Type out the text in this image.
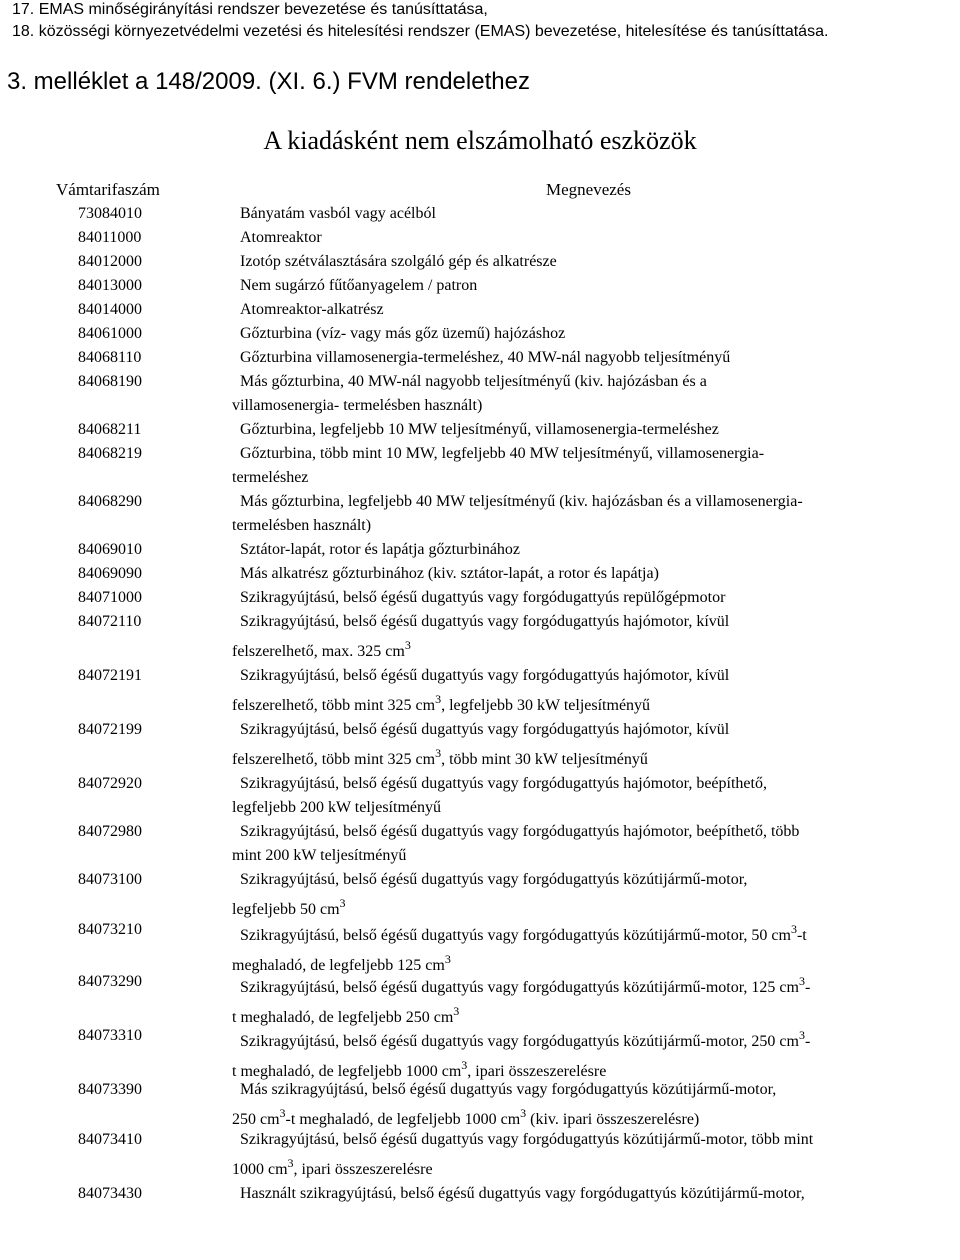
17. EMAS minőségirányítási rendszer bevezetése és tanúsíttatása,
18. közösségi környezetvédelmi vezetési és hitelesítési rendszer (EMAS) bevezetése, hitelesítése és tanúsíttatása.
3. melléklet a 148/2009. (XI. 6.) FVM rendelethez
A kiadásként nem elszámolható eszközök
Vámtarifaszám	Megnevezés
73084010	Bányatám vasból vagy acélból
84011000	Atomreaktor
84012000	Izotóp szétválasztására szolgáló gép és alkatrésze
84013000	Nem sugárzó fűtőanyagelem / patron
84014000	Atomreaktor-alkatrész
84061000	Gőzturbina (víz- vagy más gőz üzemű) hajózáshoz
84068110	Gőzturbina villamosenergia-termeléshez, 40 MW-nál nagyobb teljesítményű
84068190	Más gőzturbina, 40 MW-nál nagyobb teljesítményű (kiv. hajózásban és a
villamosenergia- termelésben használt)
84068211	Gőzturbina, legfeljebb 10 MW teljesítményű, villamosenergia-termeléshez
84068219	Gőzturbina, több mint 10 MW, legfeljebb 40 MW teljesítményű, villamosenergia-
termeléshez
84068290	Más gőzturbina, legfeljebb 40 MW teljesítményű (kiv. hajózásban és a villamosenergia-
termelésben használt)
84069010	Sztátor-lapát, rotor és lapátja gőzturbinához
84069090	Más alkatrész gőzturbinához (kiv. sztátor-lapát, a rotor és lapátja)
84071000	Szikragyújtású, belső égésű dugattyús vagy forgódugattyús repülőgépmotor
84072110	Szikragyújtású, belső égésű dugattyús vagy forgódugattyús hajómotor, kívül
felszerelhető, max. 325 $cm^3$
84072191	Szikragyújtású, belső égésű dugattyús vagy forgódugattyús hajómotor, kívül
felszerelhető, több mint 325 $cm^3$, legfeljebb 30 kW teljesítményű
84072199	Szikragyújtású, belső égésű dugattyús vagy forgódugattyús hajómotor, kívül
felszerelhető, több mint 325 $cm^3$, több mint 30 kW teljesítményű
84072920	Szikragyújtású, belső égésű dugattyús vagy forgódugattyús hajómotor, beépíthető,
legfeljebb 200 kW teljesítményű
84072980	Szikragyújtású, belső égésű dugattyús vagy forgódugattyús hajómotor, beépíthető, több
mint 200 kW teljesítményű
84073100	Szikragyújtású, belső égésű dugattyús vagy forgódugattyús közútijármű-motor,
legfeljebb 50 $cm^3$
84073210	Szikragyújtású, belső égésű dugattyús vagy forgódugattyús közútijármű-motor, 50 $cm^3-t$
meghaladó, de legfeljebb 125 $cm^3$
84073290	Szikragyújtású, belső égésű dugattyús vagy forgódugattyús közútijármű-motor, 125 $cm^3-$
t meghaladó, de legfeljebb 250 $cm^3$
84073310	Szikragyújtású, belső égésű dugattyús vagy forgódugattyús közútijármű-motor, 250 $cm^3-$
t meghaladó, de legfeljebb 1000 $cm^3$, ipari összeszerelésre
84073390	Más szikragyújtású, belső égésű dugattyús vagy forgódugattyús közútijármű-motor,
250 $cm^3-t$ meghaladó, de legfeljebb 1000 $cm^3$ (kiv. ipari összeszerelésre)
84073410	Szikragyújtású, belső égésű dugattyús vagy forgódugattyús közútijármű-motor, több mint
1000 $cm^3$, ipari összeszerelésre
84073430	Használt szikragyújtású, belső égésű dugattyús vagy forgódugattyús közútijármű-motor,
